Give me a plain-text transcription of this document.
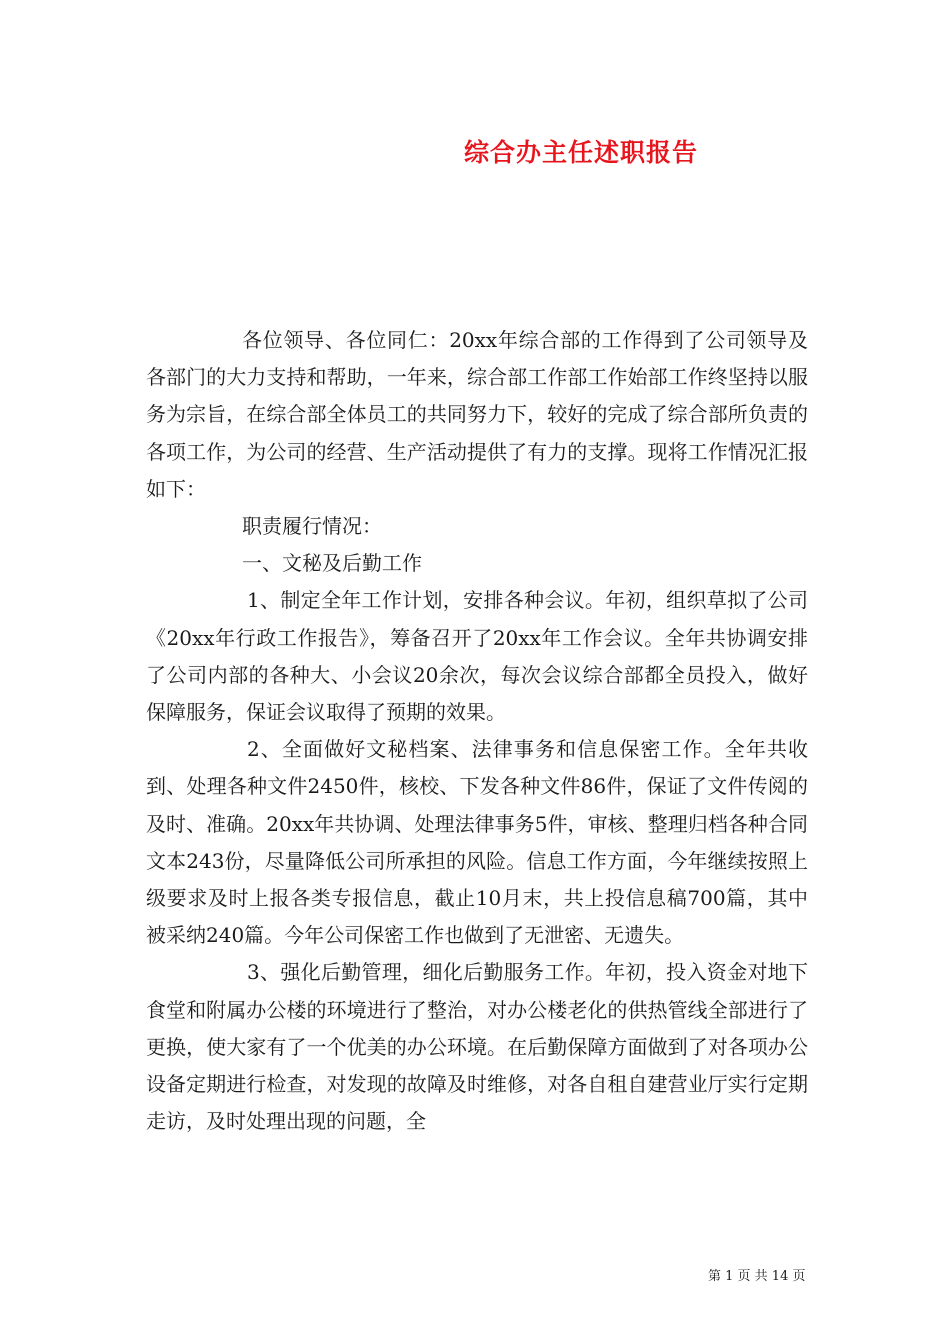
综合办主任述职报告

各位领导、各位同仁：20xx年综合部的工作得到了公司领导及各部门的大力支持和帮助，一年来，综合部工作部工作始部工作终坚持以服务为宗旨，在综合部全体员工的共同努力下，较好的完成了综合部所负责的各项工作，为公司的经营、生产活动提供了有力的支撑。现将工作情况汇报如下：

职责履行情况：

一、文秘及后勤工作

1、制定全年工作计划，安排各种会议。年初，组织草拟了公司《20xx年行政工作报告》，筹备召开了20xx年工作会议。全年共协调安排了公司内部的各种大、小会议20余次，每次会议综合部都全员投入，做好保障服务，保证会议取得了预期的效果。

2、全面做好文秘档案、法律事务和信息保密工作。全年共收到、处理各种文件2450件，核校、下发各种文件86件，保证了文件传阅的及时、准确。20xx年共协调、处理法律事务5件，审核、整理归档各种合同文本243份，尽量降低公司所承担的风险。信息工作方面，今年继续按照上级要求及时上报各类专报信息，截止10月末，共上投信息稿700篇，其中被采纳240篇。今年公司保密工作也做到了无泄密、无遗失。

3、强化后勤管理，细化后勤服务工作。年初，投入资金对地下食堂和附属办公楼的环境进行了整治，对办公楼老化的供热管线全部进行了更换，使大家有了一个优美的办公环境。在后勤保障方面做到了对各项办公设备定期进行检查，对发现的故障及时维修，对各自租自建营业厅实行定期走访，及时处理出现的问题，全

第 1 页 共 14 页
